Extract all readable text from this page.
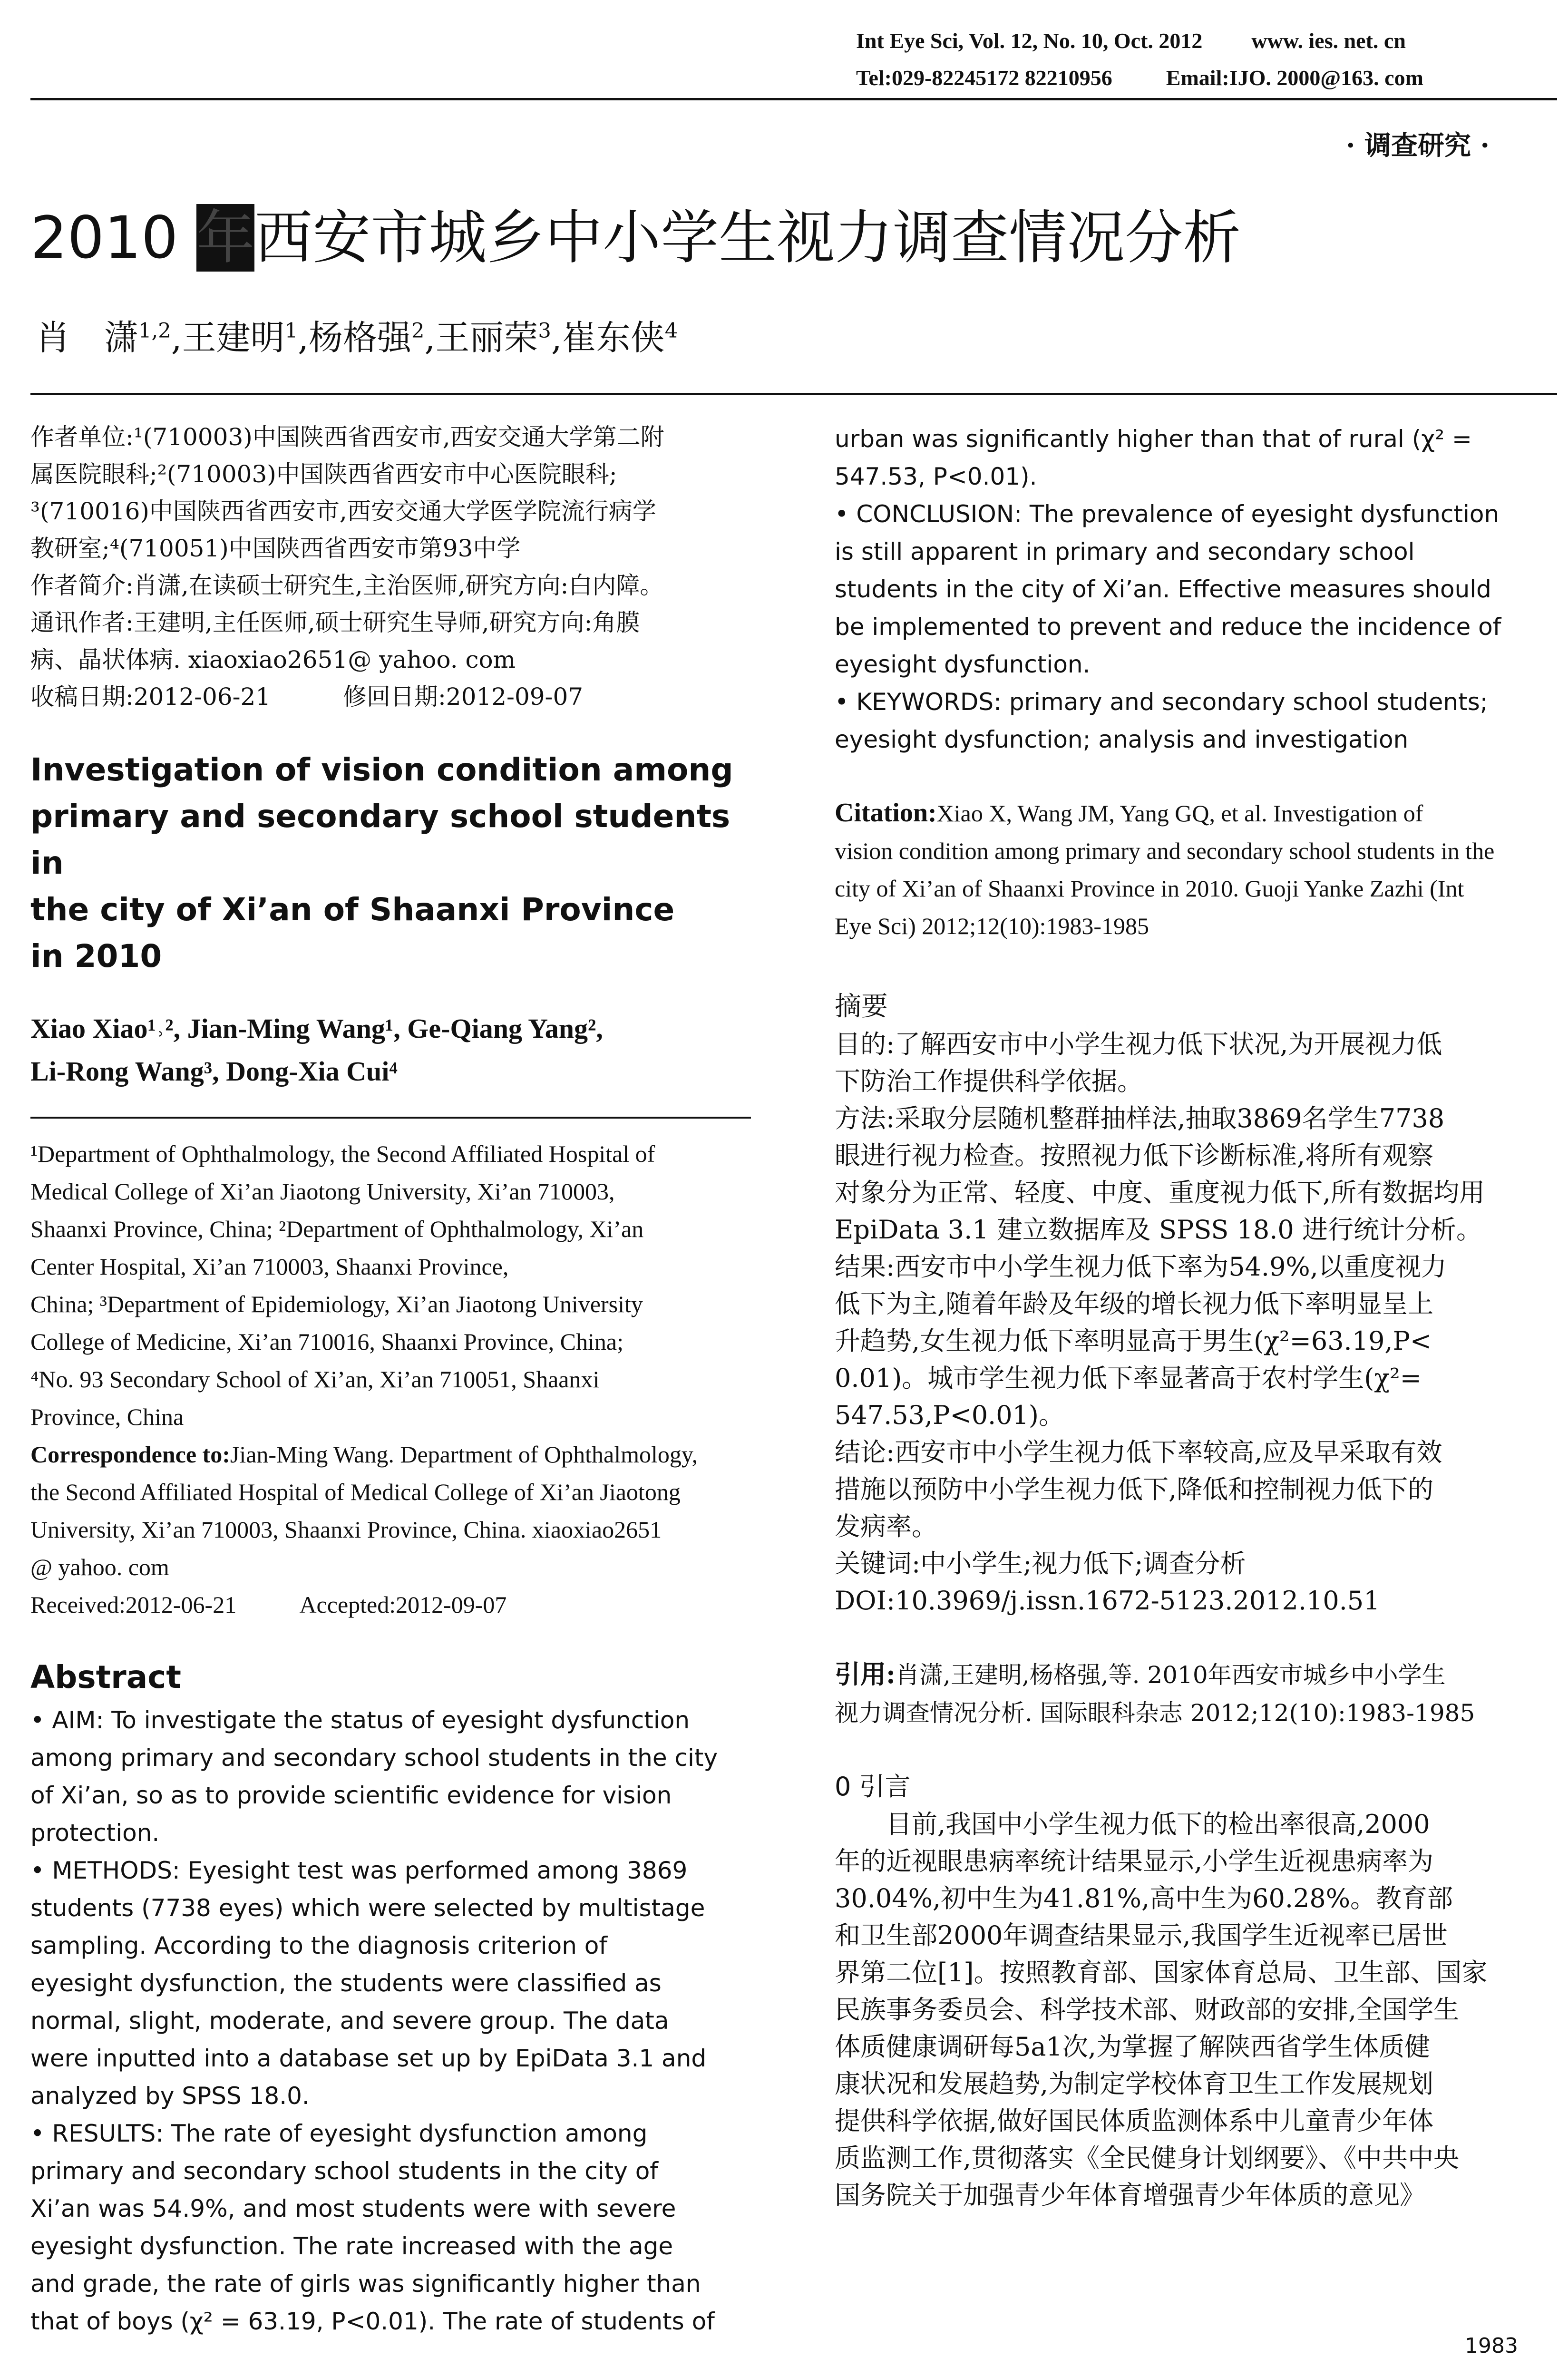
Int Eye Sci, Vol. 12, No. 10, Oct. 2012 www. ies. net. cn
Tel:029-82245172 82210956 Email:IJO. 2000@163. com
· 调查研究 ·
2010 年西安市城乡中小学生视力调查情况分析
肖　潇$^{1,2}$,王建明$^1$,杨格强$^2$,王丽荣$^3$,崔东侠$^4$
作者单位:¹(710003)中国陕西省西安市,西安交通大学第二附
属医院眼科;²(710003)中国陕西省西安市中心医院眼科;
³(710016)中国陕西省西安市,西安交通大学医学院流行病学
教研室;⁴(710051)中国陕西省西安市第93中学
作者简介:肖潇,在读硕士研究生,主治医师,研究方向:白内障。
通讯作者:王建明,主任医师,硕士研究生导师,研究方向:角膜
病、晶状体病. xiaoxiao2651@ yahoo. com
收稿日期:2012-06-21	修回日期:2012-09-07
Investigation of vision condition among
primary and secondary school students in
the city of Xi’an of Shaanxi Province
in 2010
Xiao Xiao¹˒², Jian-Ming Wang¹, Ge-Qiang Yang²,
Li-Rong Wang³, Dong-Xia Cui⁴
¹Department of Ophthalmology, the Second Affiliated Hospital of
Medical College of Xi’an Jiaotong University, Xi’an 710003,
Shaanxi Province, China; ²Department of Ophthalmology, Xi’an
Center Hospital, Xi’an 710003, Shaanxi Province,
China; ³Department of Epidemiology, Xi’an Jiaotong University
College of Medicine, Xi’an 710016, Shaanxi Province, China;
⁴No. 93 Secondary School of Xi’an, Xi’an 710051, Shaanxi
Province, China
Correspondence to:Jian-Ming Wang. Department of Ophthalmology,
the Second Affiliated Hospital of Medical College of Xi’an Jiaotong
University, Xi’an 710003, Shaanxi Province, China. xiaoxiao2651
@ yahoo. com
Received:2012-06-21	Accepted:2012-09-07
Abstract
• AIM: To investigate the status of eyesight dysfunction
among primary and secondary school students in the city
of Xi’an, so as to provide scientific evidence for vision
protection.
• METHODS: Eyesight test was performed among 3869
students (7738 eyes) which were selected by multistage
sampling. According to the diagnosis criterion of
eyesight dysfunction, the students were classified as
normal, slight, moderate, and severe group. The data
were inputted into a database set up by EpiData 3.1 and
analyzed by SPSS 18.0.
• RESULTS: The rate of eyesight dysfunction among
primary and secondary school students in the city of
Xi’an was 54.9%, and most students were with severe
eyesight dysfunction. The rate increased with the age
and grade, the rate of girls was significantly higher than
that of boys (χ² = 63.19, P<0.01). The rate of students of
urban was significantly higher than that of rural (χ² =
547.53, P<0.01).
• CONCLUSION: The prevalence of eyesight dysfunction
is still apparent in primary and secondary school
students in the city of Xi’an. Effective measures should
be implemented to prevent and reduce the incidence of
eyesight dysfunction.
• KEYWORDS: primary and secondary school students;
eyesight dysfunction; analysis and investigation
Citation:Xiao X, Wang JM, Yang GQ, et al. Investigation of
vision condition among primary and secondary school students in the
city of Xi’an of Shaanxi Province in 2010. Guoji Yanke Zazhi (Int
Eye Sci) 2012;12(10):1983-1985
摘要
目的:了解西安市中小学生视力低下状况,为开展视力低
下防治工作提供科学依据。
方法:采取分层随机整群抽样法,抽取3869名学生7738
眼进行视力检查。按照视力低下诊断标准,将所有观察
对象分为正常、轻度、中度、重度视力低下,所有数据均用
EpiData 3.1 建立数据库及 SPSS 18.0 进行统计分析。
结果:西安市中小学生视力低下率为54.9%,以重度视力
低下为主,随着年龄及年级的增长视力低下率明显呈上
升趋势,女生视力低下率明显高于男生(χ²=63.19,P<
0.01)。城市学生视力低下率显著高于农村学生(χ²=
547.53,P<0.01)。
结论:西安市中小学生视力低下率较高,应及早采取有效
措施以预防中小学生视力低下,降低和控制视力低下的
发病率。
关键词:中小学生;视力低下;调查分析
DOI:10.3969/j.issn.1672-5123.2012.10.51
引用:肖潇,王建明,杨格强,等. 2010年西安市城乡中小学生
视力调查情况分析. 国际眼科杂志 2012;12(10):1983-1985
0 引言
　　目前,我国中小学生视力低下的检出率很高,2000
年的近视眼患病率统计结果显示,小学生近视患病率为
30.04%,初中生为41.81%,高中生为60.28%。教育部
和卫生部2000年调查结果显示,我国学生近视率已居世
界第二位[1]。按照教育部、国家体育总局、卫生部、国家
民族事务委员会、科学技术部、财政部的安排,全国学生
体质健康调研每5a1次,为掌握了解陕西省学生体质健
康状况和发展趋势,为制定学校体育卫生工作发展规划
提供科学依据,做好国民体质监测体系中儿童青少年体
质监测工作,贯彻落实《全民健身计划纲要》、《中共中央
国务院关于加强青少年体育增强青少年体质的意见》
1983
